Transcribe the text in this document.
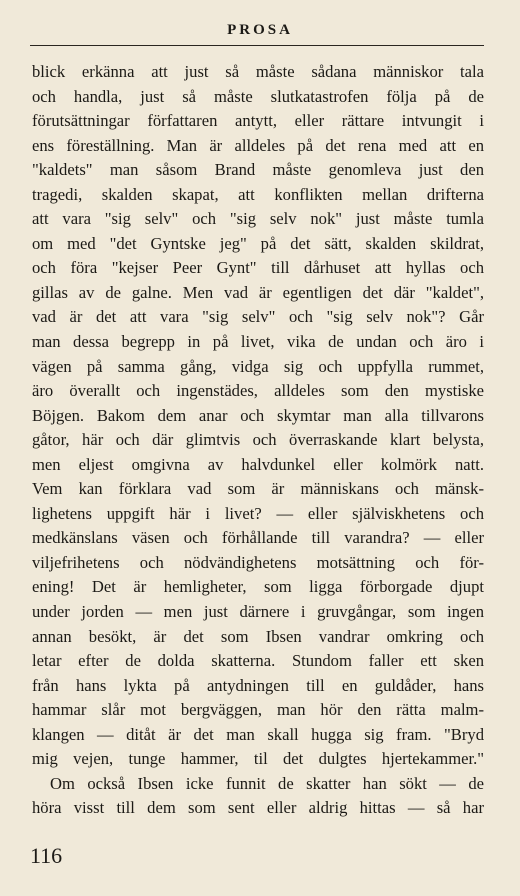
PROSA
blick erkänna att just så måste sådana människor tala
och handla, just så måste slutkatastrofen följa på de
förutsättningar författaren antytt, eller rättare intvungit i
ens föreställning. Man är alldeles på det rena med att en
"kaldets" man såsom Brand måste genomleva just den
tragedi, skalden skapat, att konflikten mellan drifterna
att vara "sig selv" och "sig selv nok" just måste tumla
om med "det Gyntske jeg" på det sätt, skalden skildrat,
och föra "kejser Peer Gynt" till dårhuset att hyllas och
gillas av de galne. Men vad är egentligen det där "kaldet",
vad är det att vara "sig selv" och "sig selv nok"? Går
man dessa begrepp in på livet, vika de undan och äro i
vägen på samma gång, vidga sig och uppfylla rummet,
äro överallt och ingenstädes, alldeles som den mystiske
Böjgen. Bakom dem anar och skymtar man alla tillvarons
gåtor, här och där glimtvis och överraskande klart belysta,
men eljest omgivna av halvdunkel eller kolmörk natt.
Vem kan förklara vad som är människans och mänsk-
lighetens uppgift här i livet? — eller själviskhetens och
medkänslans väsen och förhållande till varandra? — eller
viljefrihetens och nödvändighetens motsättning och för-
ening! Det är hemligheter, som ligga förborgade djupt
under jorden — men just därnere i gruvgångar, som ingen
annan besökt, är det som Ibsen vandrar omkring och
letar efter de dolda skatterna. Stundom faller ett sken
från hans lykta på antydningen till en guldåder, hans
hammar slår mot bergväggen, man hör den rätta malm-
klangen — ditåt är det man skall hugga sig fram. "Bryd
mig vejen, tunge hammer, til det dulgtes hjertekammer."
Om också Ibsen icke funnit de skatter han sökt — de
höra visst till dem som sent eller aldrig hittas — så har
116
